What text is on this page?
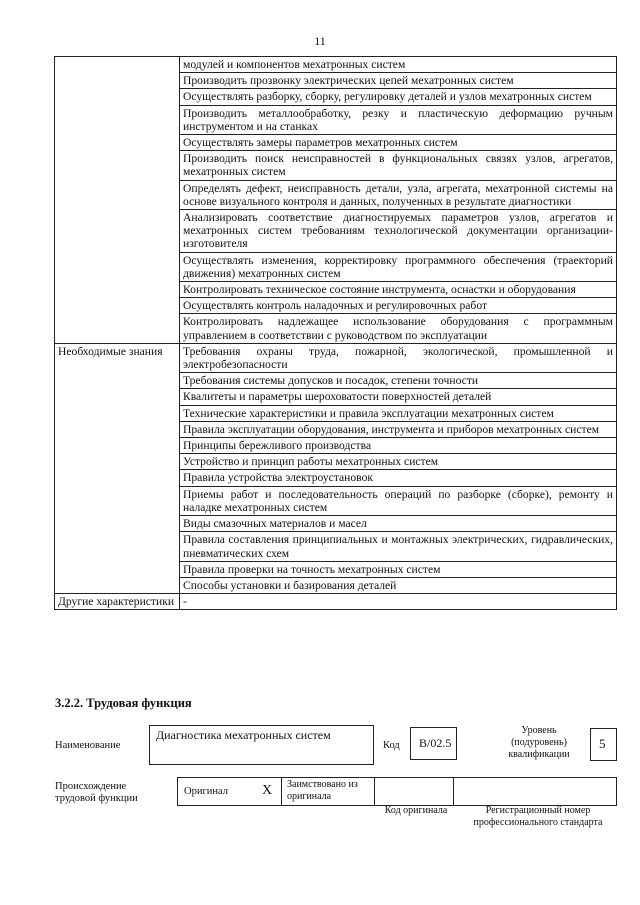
11
	модулей и компонентов мехатронных систем
	Производить прозвонку электрических цепей мехатронных систем
	Осуществлять разборку, сборку, регулировку деталей и узлов мехатронных систем
	Производить металлообработку, резку и пластическую деформацию ручным инструментом и на станках
	Осуществлять замеры параметров мехатронных систем
	Производить поиск неисправностей в функциональных связях узлов, агрегатов, мехатронных систем
	Определять дефект, неисправность детали, узла, агрегата, мехатронной системы на основе визуального контроля и данных, полученных в результате диагностики
	Анализировать соответствие диагностируемых параметров узлов, агрегатов и мехатронных систем требованиям технологической документации организации-изготовителя
	Осуществлять изменения, корректировку программного обеспечения (траекторий движения) мехатронных систем
	Контролировать техническое состояние инструмента, оснастки и оборудования
	Осуществлять контроль наладочных и регулировочных работ
	Контролировать надлежащее использование оборудования с программным управлением в соответствии с руководством по эксплуатации
Необходимые знания	Требования охраны труда, пожарной, экологической, промышленной и электробезопасности
	Требования системы допусков и посадок, степени точности
	Квалитеты и параметры шероховатости поверхностей деталей
	Технические характеристики и правила эксплуатации мехатронных систем
	Правила эксплуатации оборудования, инструмента и приборов мехатронных систем
	Принципы бережливого производства
	Устройство и принцип работы мехатронных систем
	Правила устройства электроустановок
	Приемы работ и последовательность операций по разборке (сборке), ремонту и наладке мехатронных систем
	Виды смазочных материалов и масел
	Правила составления принципиальных и монтажных электрических, гидравлических, пневматических схем
	Правила проверки на точность мехатронных систем
	Способы установки и базирования деталей
Другие характеристики	-
3.2.2. Трудовая функция
Наименование
Диагностика мехатронных систем
Код	B/02.5
Уровень (подуровень) квалификации
5
Происхождение трудовой функции
Оригинал X Заимствовано из оригинала
Код оригинала	Регистрационный номер профессионального стандарта
